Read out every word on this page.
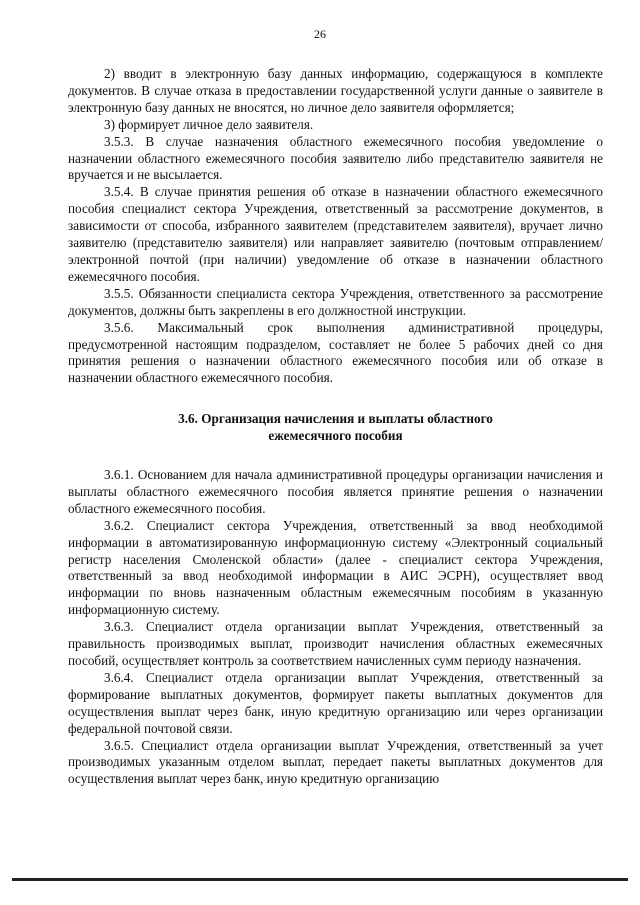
26

2) вводит в электронную базу данных информацию, содержащуюся в комплекте документов. В случае отказа в предоставлении государственной услуги данные о заявителе в электронную базу данных не вносятся, но личное дело заявителя оформляется;

3) формирует личное дело заявителя.

3.5.3. В случае назначения областного ежемесячного пособия уведомление о назначении областного ежемесячного пособия заявителю либо представителю заявителя не вручается и не высылается.

3.5.4. В случае принятия решения об отказе в назначении областного ежемесячного пособия специалист сектора Учреждения, ответственный за рассмотрение документов, в зависимости от способа, избранного заявителем (представителем заявителя), вручает лично заявителю (представителю заявителя) или направляет заявителю (почтовым отправлением/электронной почтой (при наличии) уведомление об отказе в назначении областного ежемесячного пособия.

3.5.5. Обязанности специалиста сектора Учреждения, ответственного за рассмотрение документов, должны быть закреплены в его должностной инструкции.

3.5.6. Максимальный срок выполнения административной процедуры, предусмотренной настоящим подразделом, составляет не более 5 рабочих дней со дня принятия решения о назначении областного ежемесячного пособия или об отказе в назначении областного ежемесячного пособия.

3.6. Организация начисления и выплаты областного
ежемесячного пособия

3.6.1. Основанием для начала административной процедуры организации начисления и выплаты областного ежемесячного пособия является принятие решения о назначении областного ежемесячного пособия.

3.6.2. Специалист сектора Учреждения, ответственный за ввод необходимой информации в автоматизированную информационную систему «Электронный социальный регистр населения Смоленской области» (далее - специалист сектора Учреждения, ответственный за ввод необходимой информации в АИС ЭСРН), осуществляет ввод информации по вновь назначенным областным ежемесячным пособиям в указанную информационную систему.

3.6.3. Специалист отдела организации выплат Учреждения, ответственный за правильность производимых выплат, производит начисления областных ежемесячных пособий, осуществляет контроль за соответствием начисленных сумм периоду назначения.

3.6.4. Специалист отдела организации выплат Учреждения, ответственный за формирование выплатных документов, формирует пакеты выплатных документов для осуществления выплат через банк, иную кредитную организацию или через организации федеральной почтовой связи.

3.6.5. Специалист отдела организации выплат Учреждения, ответственный за учет производимых указанным отделом выплат, передает пакеты выплатных документов для осуществления выплат через банк, иную кредитную организацию
